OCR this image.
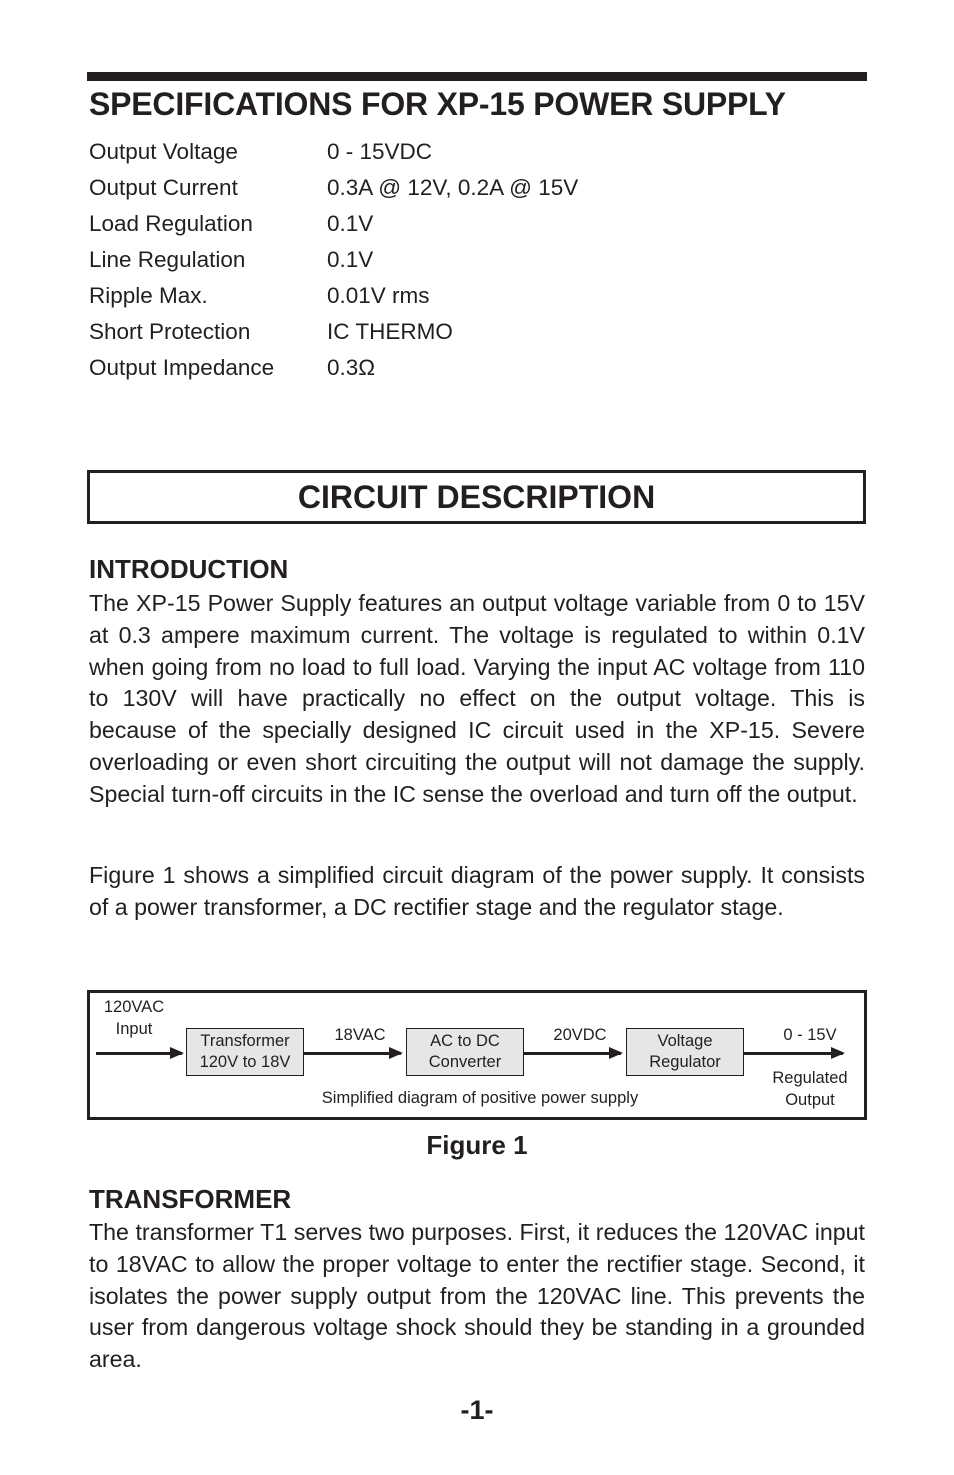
SPECIFICATIONS FOR XP-15 POWER SUPPLY
Output Voltage	0 - 15VDC
Output Current	0.3A @ 12V, 0.2A @ 15V
Load Regulation	0.1V
Line Regulation	0.1V
Ripple Max.	0.01V rms
Short Protection	IC THERMO
Output Impedance 0.3Ω
CIRCUIT DESCRIPTION
INTRODUCTION

The XP-15 Power Supply features an output voltage variable from 0 to 15V at 0.3 ampere maximum current. The voltage is regulated to within 0.1V when going from no load to full load. Varying the input AC voltage from 110 to 130V will have practically no effect on the output voltage. This is because of the specially designed IC circuit used in the XP-15. Severe overloading or even short circuiting the output will not damage the supply. Special turn-off circuits in the IC sense the overload and turn off the output.

Figure 1 shows a simplified circuit diagram of the power supply. It consists of a power transformer, a DC rectifier stage and the regulator stage.

120VAC
Input
Transformer
120V to 18V
18VAC	AC to DC
Converter
20VDC	Voltage
Regulator
0 - 15V
Regulated
Output
Simplified diagram of positive power supply
Figure 1
TRANSFORMER

The transformer T1 serves two purposes. First, it reduces the 120VAC input to 18VAC to allow the proper voltage to enter the rectifier stage. Second, it isolates the power supply output from the 120VAC line. This prevents the user from dangerous voltage shock should they be standing in a grounded area.

-1-
